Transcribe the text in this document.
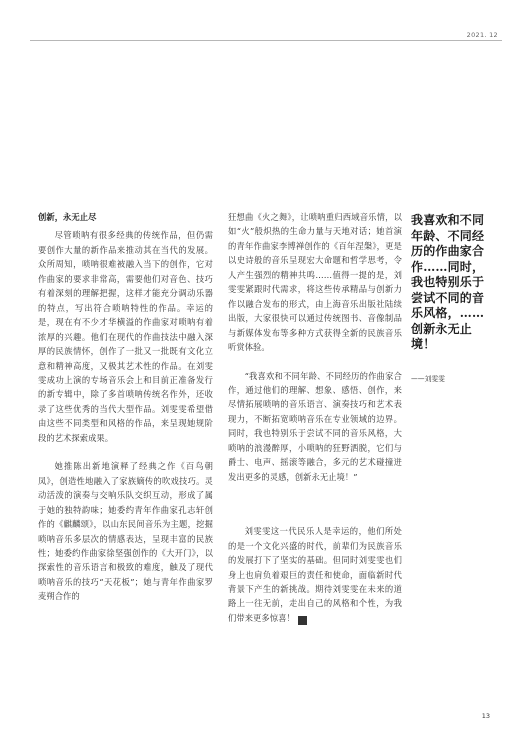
2021. 12
创新，永无止尽

尽管唢呐有很多经典的传统作品，但仍需要创作大量的新作品来推动其在当代的发展。众所周知，唢呐很难被融入当下的创作，它对作曲家的要求非常高，需要他们对音色、技巧有着深刻的理解把握，这样才能充分调动乐器的特点，写出符合唢呐特性的作品。幸运的是，现在有不少才华横溢的作曲家对唢呐有着浓厚的兴趣。他们在现代的作曲技法中融入深厚的民族情怀，创作了一批又一批既有文化立意和精神高度，又极其艺术性的作品。在刘雯雯成功上演的专场音乐会上和目前正准备发行的新专辑中，除了多首唢呐传统名作外，还收录了这些优秀的当代大型作品。刘雯雯希望借由这些不同类型和风格的作品，来呈现她规阶段的艺术探索成果。

她推陈出新地演释了经典之作《百鸟朝凤》，创造性地融入了家族嫡传的吹戏技巧。灵动活泼的演奏与交响乐队交织互动，形成了属于她的独特韵味；她委约青年作曲家孔志轩创作的《麒麟颂》，以山东民间音乐为主题，挖掘唢呐音乐多层次的情感表达，呈现丰富的民族性；她委约作曲家徐坚强创作的《大开门》，以探索性的音乐语言和极致的难度，触及了现代唢呐音乐的技巧“天花板”；她与青年作曲家罗麦朔合作的

狂想曲《火之舞》，让唢呐重归西域音乐情，以如“火”般炽热的生命力量与天地对话；她首演的青年作曲家李博禅创作的《百年涅槃》，更是以史诗般的音乐呈现宏大命题和哲学思考，令人产生强烈的精神共鸣……值得一提的是，刘雯雯紧跟时代需求，将这些传承精品与创新力作以融合发布的形式，由上海音乐出版社陆续出版，大家很快可以通过传统图书、音像制品与新媒体发布等多种方式获得全新的民族音乐听赏体验。

“我喜欢和不同年龄、不同经历的作曲家合作，通过他们的理解、想象、感悟、创作，来尽情拓展唢呐的音乐语言、演奏技巧和艺术表现力，不断拓宽唢呐音乐在专业领域的边界。同时，我也特别乐于尝试不同的音乐风格，大唢呐的浪漫醉厚，小唢呐的狂野洒脱，它们与爵士、电声、摇滚等融合，多元的艺术碰撞迸发出更多的灵感，创新永无止境！”

刘雯雯这一代民乐人是幸运的，他们所处的是一个文化兴盛的时代，前辈们为民族音乐的发展打下了坚实的基础。但同时刘雯雯也们身上也肩负着艰巨的责任和使命，面临新时代背景下产生的新挑战。期待刘雯雯在未来的道路上一往无前，走出自己的风格和个性，为我们带来更多惊喜！	M

我喜欢和不同年龄、不同经历的作曲家合作……同时，我也特别乐于尝试不同的音乐风格，……创新永无止境！
——刘雯雯
13
